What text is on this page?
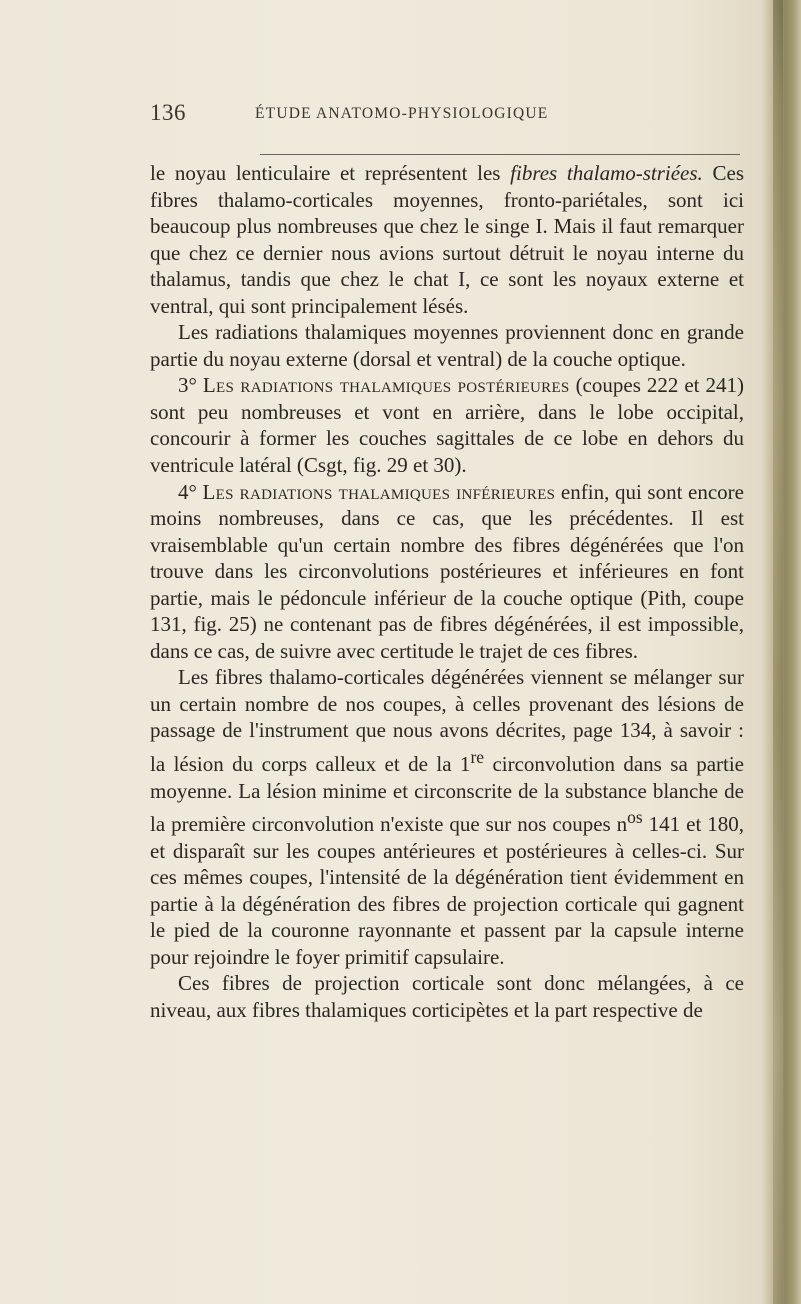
136	ÉTUDE ANATOMO-PHYSIOLOGIQUE

le noyau lenticulaire et représentent les fibres thalamo-striées. Ces fibres thalamo-corticales moyennes, fronto-pariétales, sont ici beaucoup plus nombreuses que chez le singe I. Mais il faut remarquer que chez ce dernier nous avions surtout détruit le noyau interne du thalamus, tandis que chez le chat I, ce sont les noyaux externe et ventral, qui sont principalement lésés.

Les radiations thalamiques moyennes proviennent donc en grande partie du noyau externe (dorsal et ventral) de la couche optique.

3° Les radiations thalamiques postérieures (coupes 222 et 241) sont peu nombreuses et vont en arrière, dans le lobe occipital, concourir à former les couches sagittales de ce lobe en dehors du ventricule latéral (Csgt, fig. 29 et 30).

4° Les radiations thalamiques inférieures enfin, qui sont encore moins nombreuses, dans ce cas, que les précédentes. Il est vraisemblable qu'un certain nombre des fibres dégénérées que l'on trouve dans les circonvolutions postérieures et inférieures en font partie, mais le pédoncule inférieur de la couche optique (Pith, coupe 131, fig. 25) ne contenant pas de fibres dégénérées, il est impossible, dans ce cas, de suivre avec certitude le trajet de ces fibres.

Les fibres thalamo-corticales dégénérées viennent se mélanger sur un certain nombre de nos coupes, à celles provenant des lésions de passage de l'instrument que nous avons décrites, page 134, à savoir : la lésion du corps calleux et de la 1re circonvolution dans sa partie moyenne. La lésion minime et circonscrite de la substance blanche de la première circonvolution n'existe que sur nos coupes $n^{os}$ 141 et 180, et disparaît sur les coupes antérieures et postérieures à celles-ci. Sur ces mêmes coupes, l'intensité de la dégénération tient évidemment en partie à la dégénération des fibres de projection corticale qui gagnent le pied de la couronne rayonnante et passent par la capsule interne pour rejoindre le foyer primitif capsulaire.

Ces fibres de projection corticale sont donc mélangées, à ce niveau, aux fibres thalamiques corticipètes et la part respective de
